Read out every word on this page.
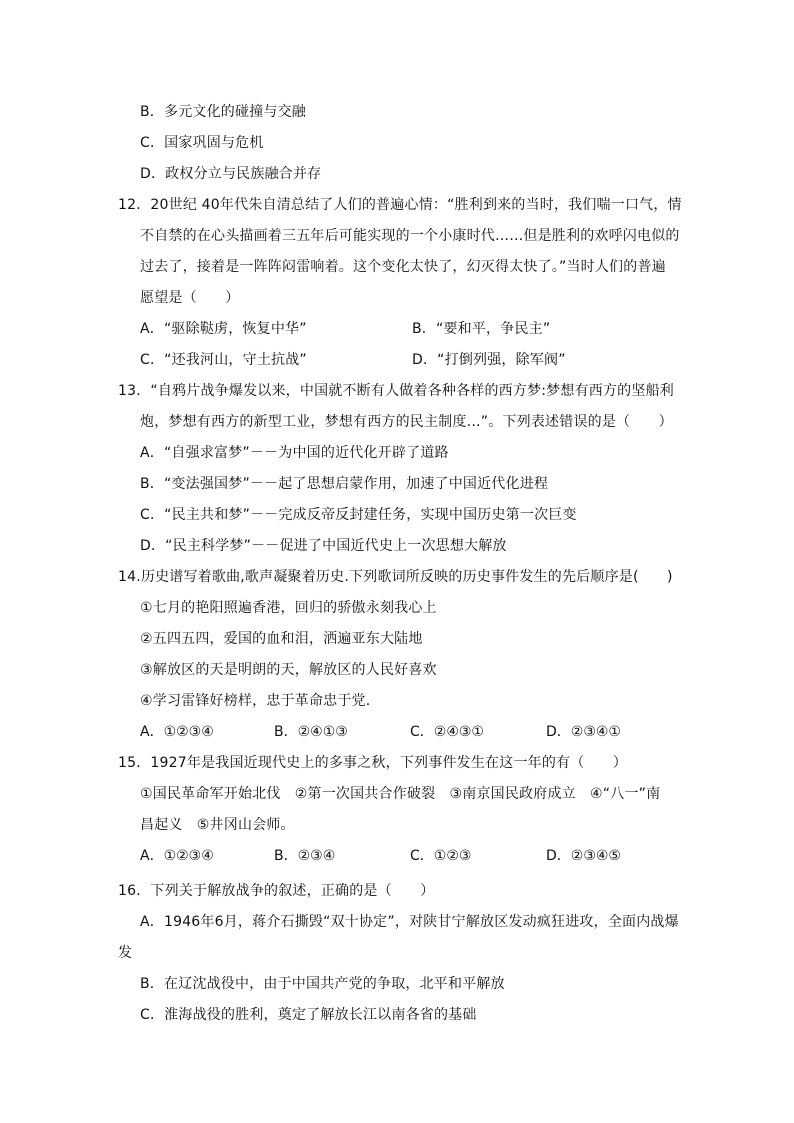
B．多元文化的碰撞与交融
C．国家巩固与危机
D．政权分立与民族融合并存
12．20世纪 40年代朱自清总结了人们的普遍心情：“胜利到来的当时，我们喘一口气，情
不自禁的在心头描画着三五年后可能实现的一个小康时代……但是胜利的欢呼闪电似的
过去了，接着是一阵阵闷雷响着。这个变化太快了，幻灭得太快了。”当时人们的普遍
愿望是（　　）
A．“驱除鞑虏，恢复中华”	B．“要和平，争民主”
C．“还我河山，守土抗战”	D．“打倒列强，除军阀”
13．“自鸦片战争爆发以来，中国就不断有人做着各种各样的西方梦:梦想有西方的坚船利
炮，梦想有西方的新型工业，梦想有西方的民主制度…”。下列表述错误的是（　　）
A．“自强求富梦”－－为中国的近代化开辟了道路
B．“变法强国梦”－－起了思想启蒙作用，加速了中国近代化进程
C．“民主共和梦”－－完成反帝反封建任务，实现中国历史第一次巨变
D．“民主科学梦”－－促进了中国近代史上一次思想大解放
14.历史谱写着歌曲,歌声凝聚着历史.下列歌词所反映的历史事件发生的先后顺序是(　　)
①七月的艳阳照遍香港，回归的骄傲永刻我心上
②五四五四，爱国的血和泪，洒遍亚东大陆地
③解放区的天是明朗的天，解放区的人民好喜欢
④学习雷锋好榜样，忠于革命忠于党.
A．①②③④	B．②④①③	C．②④③①	D．②③④①
15．1927年是我国近现代史上的多事之秋，下列事件发生在这一年的有（　　）
①国民革命军开始北伐　②第一次国共合作破裂　③南京国民政府成立　④“八一”南
昌起义　⑤井冈山会师。
A．①②③④	B．②③④	C．①②③	D．②③④⑤
16．下列关于解放战争的叙述，正确的是（　　）
A．1946年6月，蒋介石撕毁“双十协定”，对陕甘宁解放区发动疯狂进攻，全面内战爆
发
B．在辽沈战役中，由于中国共产党的争取，北平和平解放
C．淮海战役的胜利，奠定了解放长江以南各省的基础
